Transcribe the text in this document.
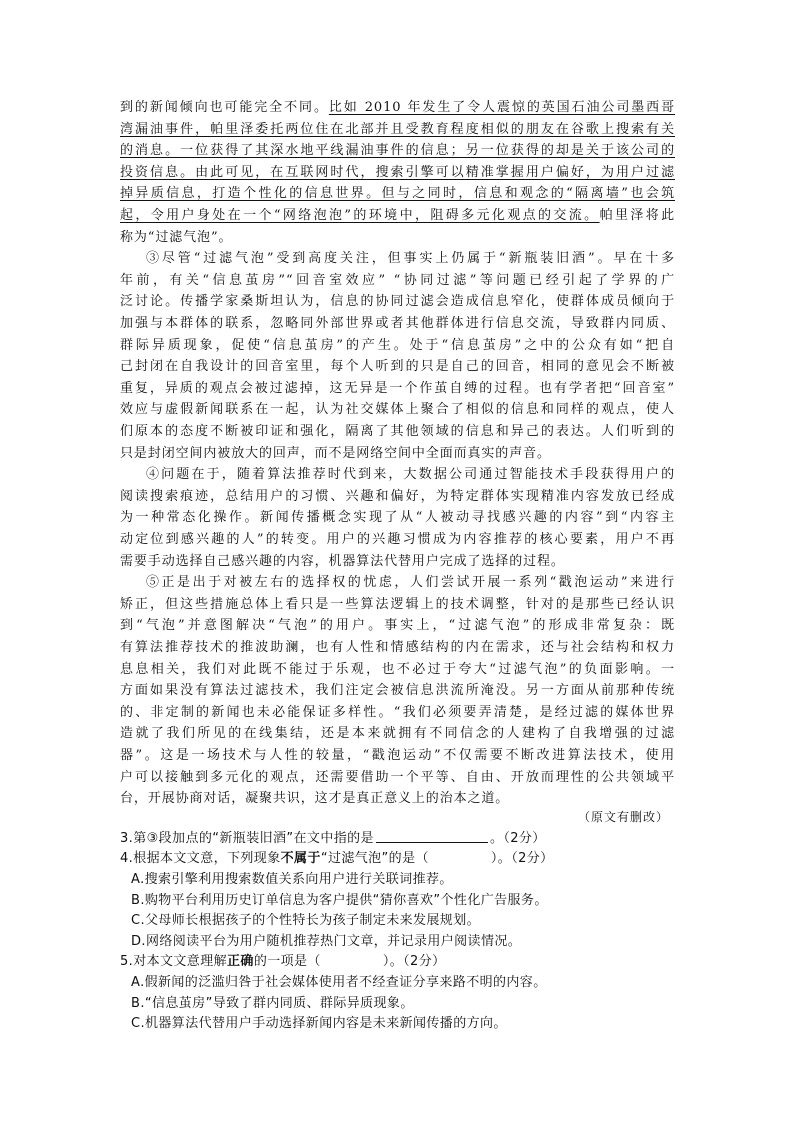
到的新闻倾向也可能完全不同。比如 2010 年发生了令人震惊的英国石油公司墨西哥
湾漏油事件，帕里泽委托两位住在北部并且受教育程度相似的朋友在谷歌上搜索有关
的消息。一位获得了其深水地平线漏油事件的信息；另一位获得的却是关于该公司的
投资信息。由此可见，在互联网时代，搜索引擎可以精准掌握用户偏好，为用户过滤
掉异质信息，打造个性化的信息世界。但与之同时，信息和观念的“隔离墙”也会筑
起，令用户身处在一个“网络泡泡”的环境中，阻碍多元化观点的交流。帕里泽将此
称为“过滤气泡”。
③尽管“过滤气泡”受到高度关注，但事实上仍属于“新瓶装旧酒”。早在十多
年前，有关“信息茧房”“回音室效应” “协同过滤”等问题已经引起了学界的广
泛讨论。传播学家桑斯坦认为，信息的协同过滤会造成信息窄化，使群体成员倾向于
加强与本群体的联系，忽略同外部世界或者其他群体进行信息交流，导致群内同质、
群际异质现象，促使“信息茧房”的产生。处于“信息茧房”之中的公众有如“把自
己封闭在自我设计的回音室里，每个人听到的只是自己的回音，相同的意见会不断被
重复，异质的观点会被过滤掉，这无异是一个作茧自缚的过程。也有学者把“回音室”
效应与虚假新闻联系在一起，认为社交媒体上聚合了相似的信息和同样的观点，使人
们原本的态度不断被印证和强化，隔离了其他领域的信息和异己的表达。人们听到的
只是封闭空间内被放大的回声，而不是网络空间中全面而真实的声音。
④问题在于，随着算法推荐时代到来，大数据公司通过智能技术手段获得用户的
阅读搜索痕迹，总结用户的习惯、兴趣和偏好，为特定群体实现精准内容发放已经成
为一种常态化操作。新闻传播概念实现了从“人被动寻找感兴趣的内容”到“内容主
动定位到感兴趣的人”的转变。用户的兴趣习惯成为内容推荐的核心要素，用户不再
需要手动选择自己感兴趣的内容，机器算法代替用户完成了选择的过程。
⑤正是出于对被左右的选择权的忧虑，人们尝试开展一系列“戳泡运动”来进行
矫正，但这些措施总体上看只是一些算法逻辑上的技术调整，针对的是那些已经认识
到“气泡”并意图解决“气泡”的用户。事实上，“过滤气泡”的形成非常复杂：既
有算法推荐技术的推波助澜，也有人性和情感结构的内在需求，还与社会结构和权力
息息相关，我们对此既不能过于乐观，也不必过于夸大“过滤气泡”的负面影响。一
方面如果没有算法过滤技术，我们注定会被信息洪流所淹没。另一方面从前那种传统
的、非定制的新闻也未必能保证多样性。“我们必须要弄清楚，是经过滤的媒体世界
造就了我们所见的在线集结，还是本来就拥有不同信念的人建构了自我增强的过滤
器”。这是一场技术与人性的较量，“戳泡运动”不仅需要不断改进算法技术，使用
户可以接触到多元化的观点，还需要借助一个平等、自由、开放而理性的公共领域平
台，开展协商对话，凝聚共识，这才是真正意义上的治本之道。
（原文有删改）
3.第③段加点的“新瓶装旧酒”在文中指的是	。（2分）
4.根据本文文意，下列现象不属于“过滤气泡”的是（	）。（2分）
A.搜索引擎利用搜索数值关系向用户进行关联词推荐。
B.购物平台利用历史订单信息为客户提供“猜你喜欢”个性化广告服务。
C.父母师长根据孩子的个性特长为孩子制定未来发展规划。
D.网络阅读平台为用户随机推荐热门文章，并记录用户阅读情况。
5.对本文文意理解正确的一项是（	）。（2分）
A.假新闻的泛滥归咎于社会媒体使用者不经查证分享来路不明的内容。
B.“信息茧房”导致了群内同质、群际异质现象。
C.机器算法代替用户手动选择新闻内容是未来新闻传播的方向。
